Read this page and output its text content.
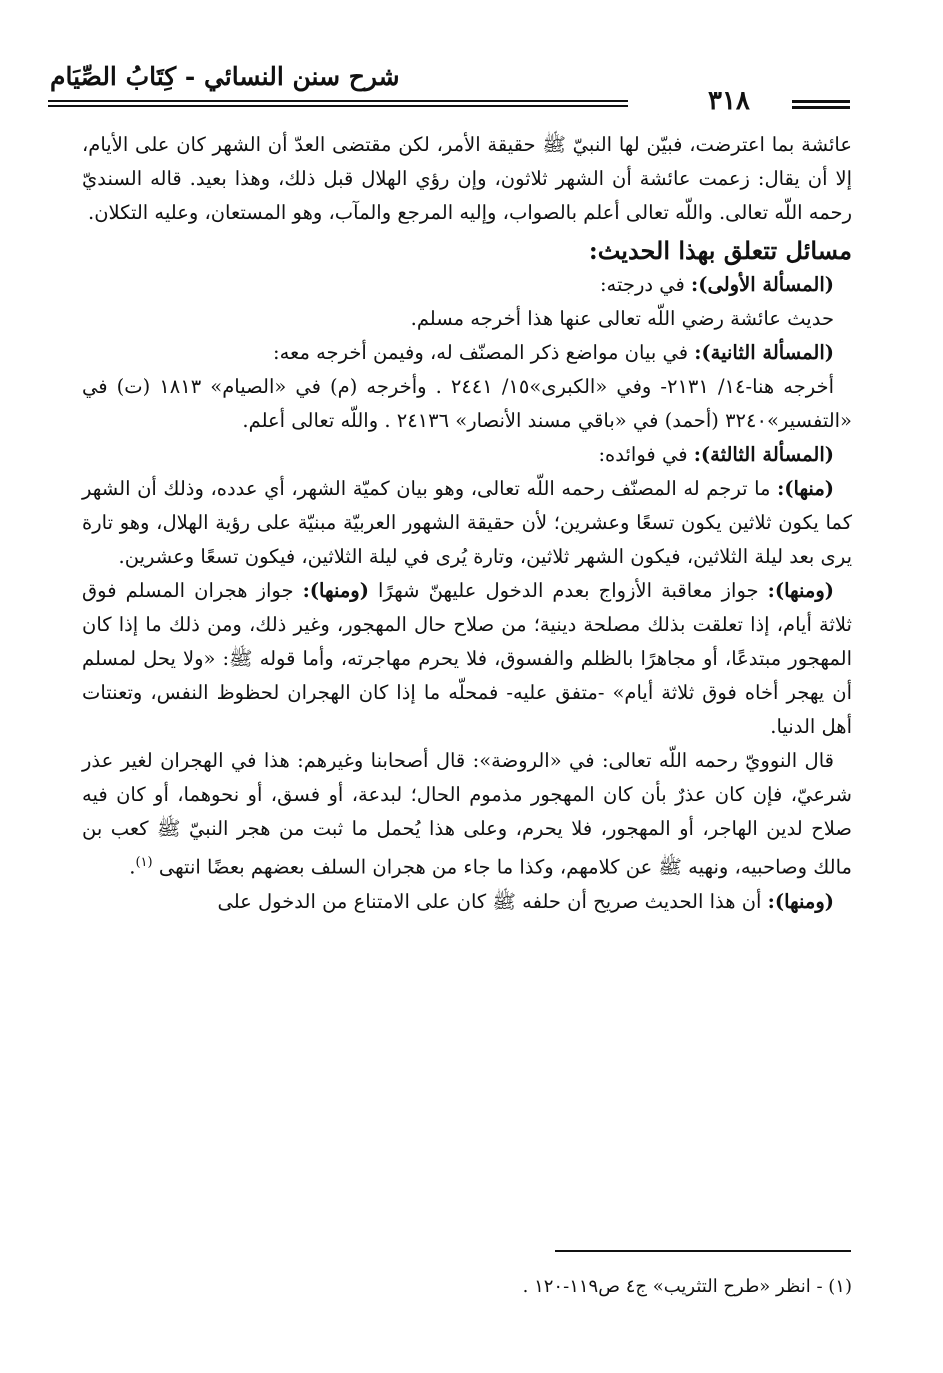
شرح سنن النسائي - كِتَابُ الصِّيَام
٣١٨

عائشة بما اعترضت، فبيّن لها النبيّ ﷺ حقيقة الأمر، لكن مقتضى العدّ أن الشهر كان على الأيام، إلا أن يقال: زعمت عائشة أن الشهر ثلاثون، وإن رؤي الهلال قبل ذلك، وهذا بعيد. قاله السنديّ رحمه اللّه تعالى. واللّه تعالى أعلم بالصواب، وإليه المرجع والمآب، وهو المستعان، وعليه التكلان.

مسائل تتعلق بهذا الحديث:

(المسألة الأولى): في درجته:

حديث عائشة رضي اللّه تعالى عنها هذا أخرجه مسلم.

(المسألة الثانية): في بيان مواضع ذكر المصنّف له، وفيمن أخرجه معه:

أخرجه هنا-١٤/ ٢١٣١- وفي «الكبرى»١٥/ ٢٤٤١ . وأخرجه (م) في «الصيام» ١٨١٣ (ت) في «التفسير»٣٢٤٠ (أحمد) في «باقي مسند الأنصار» ٢٤١٣٦ . واللّه تعالى أعلم.

(المسألة الثالثة): في فوائده:

(منها): ما ترجم له المصنّف رحمه اللّه تعالى، وهو بيان كميّة الشهر، أي عدده، وذلك أن الشهر كما يكون ثلاثين يكون تسعًا وعشرين؛ لأن حقيقة الشهور العربيّة مبنيّة على رؤية الهلال، وهو تارة يرى بعد ليلة الثلاثين، فيكون الشهر ثلاثين، وتارة يُرى في ليلة الثلاثين، فيكون تسعًا وعشرين.

(ومنها): جواز معاقبة الأزواج بعدم الدخول عليهنّ شهرًا (ومنها): جواز هجران المسلم فوق ثلاثة أيام، إذا تعلقت بذلك مصلحة دينية؛ من صلاح حال المهجور، وغير ذلك، ومن ذلك ما إذا كان المهجور مبتدعًا، أو مجاهرًا بالظلم والفسوق، فلا يحرم مهاجرته، وأما قوله ﷺ: «ولا يحل لمسلم أن يهجر أخاه فوق ثلاثة أيام» -متفق عليه- فمحلّه ما إذا كان الهجران لحظوظ النفس، وتعنتات أهل الدنيا.

قال النوويّ رحمه اللّه تعالى: في «الروضة»: قال أصحابنا وغيرهم: هذا في الهجران لغير عذر شرعيّ، فإن كان عذرٌ بأن كان المهجور مذموم الحال؛ لبدعة، أو فسق، أو نحوهما، أو كان فيه صلاح لدين الهاجر، أو المهجور، فلا يحرم، وعلى هذا يُحمل ما ثبت من هجر النبيّ ﷺ كعب بن مالك وصاحبيه، ونهيه ﷺ عن كلامهم، وكذا ما جاء من هجران السلف بعضهم بعضًا انتهى $^{(١)}$.

(ومنها): أن هذا الحديث صريح أن حلفه ﷺ كان على الامتناع من الدخول على

(١) - انظر «طرح التثريب» ج٤ ص١١٩-١٢٠ .
